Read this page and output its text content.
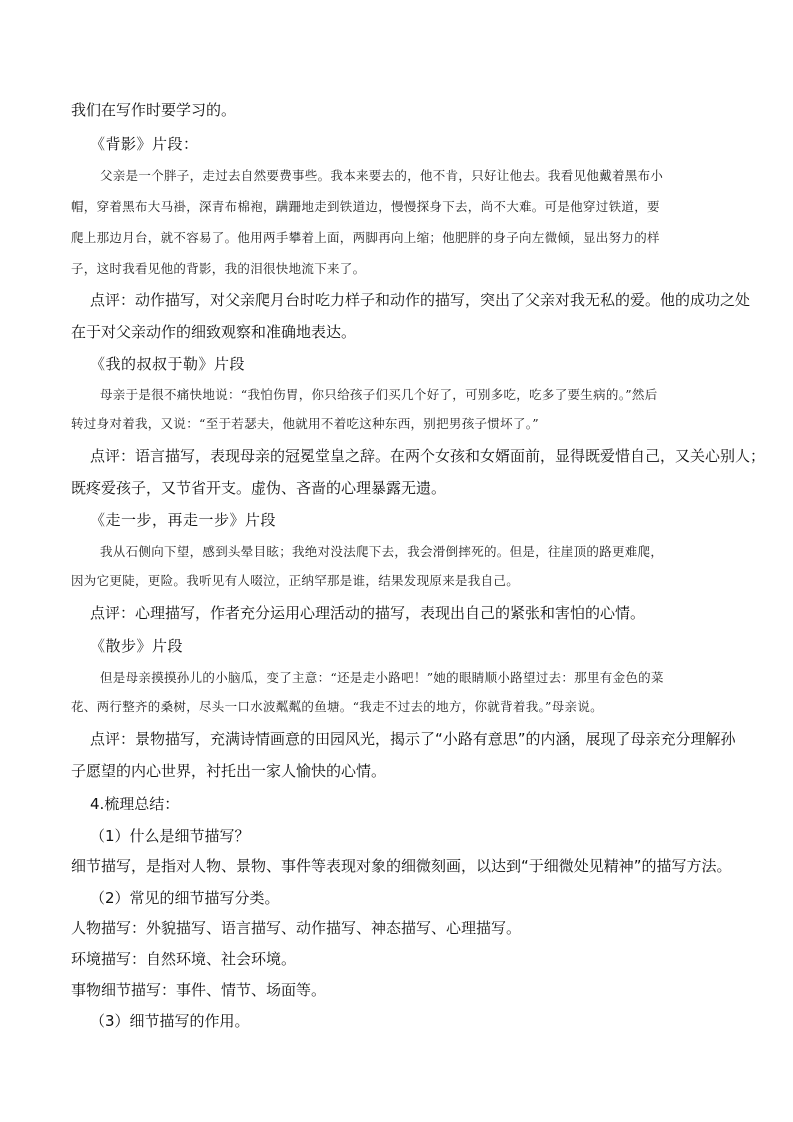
我们在写作时要学习的。
《背影》片段：
父亲是一个胖子，走过去自然要费事些。我本来要去的，他不肯，只好让他去。我看见他戴着黑布小
帽，穿着黑布大马褂，深青布棉袍，蹒跚地走到铁道边，慢慢探身下去，尚不大难。可是他穿过铁道，要
爬上那边月台，就不容易了。他用两手攀着上面，两脚再向上缩；他肥胖的身子向左微倾，显出努力的样
子，这时我看见他的背影，我的泪很快地流下来了。
点评：动作描写，对父亲爬月台时吃力样子和动作的描写，突出了父亲对我无私的爱。他的成功之处
在于对父亲动作的细致观察和准确地表达。
《我的叔叔于勒》片段
母亲于是很不痛快地说：“我怕伤胃，你只给孩子们买几个好了，可别多吃，吃多了要生病的。”然后
转过身对着我，又说：“至于若瑟夫，他就用不着吃这种东西，别把男孩子惯坏了。”
点评：语言描写，表现母亲的冠冕堂皇之辞。在两个女孩和女婿面前，显得既爱惜自己，又关心别人；
既疼爱孩子，又节省开支。虚伪、吝啬的心理暴露无遗。
《走一步，再走一步》片段
我从石侧向下望，感到头晕目眩；我绝对没法爬下去，我会滑倒摔死的。但是，往崖顶的路更难爬，
因为它更陡，更险。我听见有人啜泣，正纳罕那是谁，结果发现原来是我自己。
点评：心理描写，作者充分运用心理活动的描写，表现出自己的紧张和害怕的心情。
《散步》片段
但是母亲摸摸孙儿的小脑瓜，变了主意：“还是走小路吧！”她的眼睛顺小路望过去：那里有金色的菜
花、两行整齐的桑树，尽头一口水波粼粼的鱼塘。“我走不过去的地方，你就背着我。”母亲说。
点评：景物描写，充满诗情画意的田园风光，揭示了“小路有意思”的内涵，展现了母亲充分理解孙
子愿望的内心世界，衬托出一家人愉快的心情。
4.梳理总结：
（1）什么是细节描写？
细节描写，是指对人物、景物、事件等表现对象的细微刻画，以达到“于细微处见精神”的描写方法。
（2）常见的细节描写分类。
人物描写：外貌描写、语言描写、动作描写、神态描写、心理描写。
环境描写：自然环境、社会环境。
事物细节描写：事件、情节、场面等。
（3）细节描写的作用。
